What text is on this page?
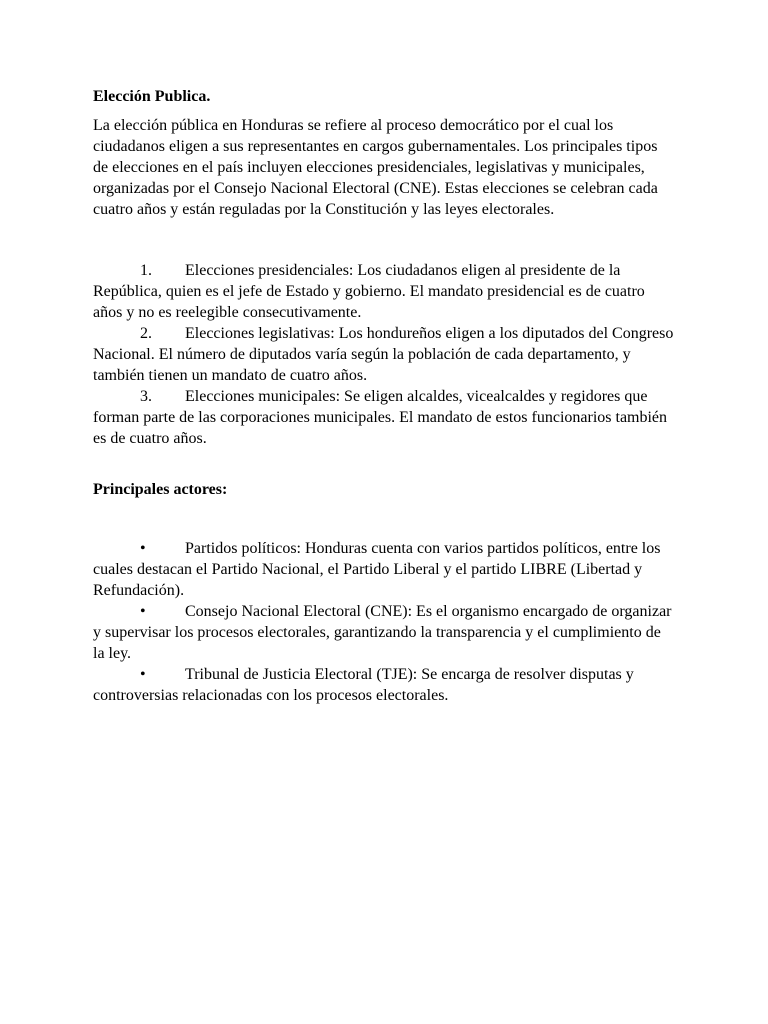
Elección Publica.

La elección pública en Honduras se refiere al proceso democrático por el cual los ciudadanos eligen a sus representantes en cargos gubernamentales. Los principales tipos de elecciones en el país incluyen elecciones presidenciales, legislativas y municipales, organizadas por el Consejo Nacional Electoral (CNE). Estas elecciones se celebran cada cuatro años y están reguladas por la Constitución y las leyes electorales.

1. Elecciones presidenciales: Los ciudadanos eligen al presidente de la República, quien es el jefe de Estado y gobierno. El mandato presidencial es de cuatro años y no es reelegible consecutivamente.

2. Elecciones legislativas: Los hondureños eligen a los diputados del Congreso Nacional. El número de diputados varía según la población de cada departamento, y también tienen un mandato de cuatro años.

3. Elecciones municipales: Se eligen alcaldes, vicealcaldes y regidores que forman parte de las corporaciones municipales. El mandato de estos funcionarios también es de cuatro años.

Principales actores:

• Partidos políticos: Honduras cuenta con varios partidos políticos, entre los cuales destacan el Partido Nacional, el Partido Liberal y el partido LIBRE (Libertad y Refundación).

• Consejo Nacional Electoral (CNE): Es el organismo encargado de organizar y supervisar los procesos electorales, garantizando la transparencia y el cumplimiento de la ley.

• Tribunal de Justicia Electoral (TJE): Se encarga de resolver disputas y controversias relacionadas con los procesos electorales.
